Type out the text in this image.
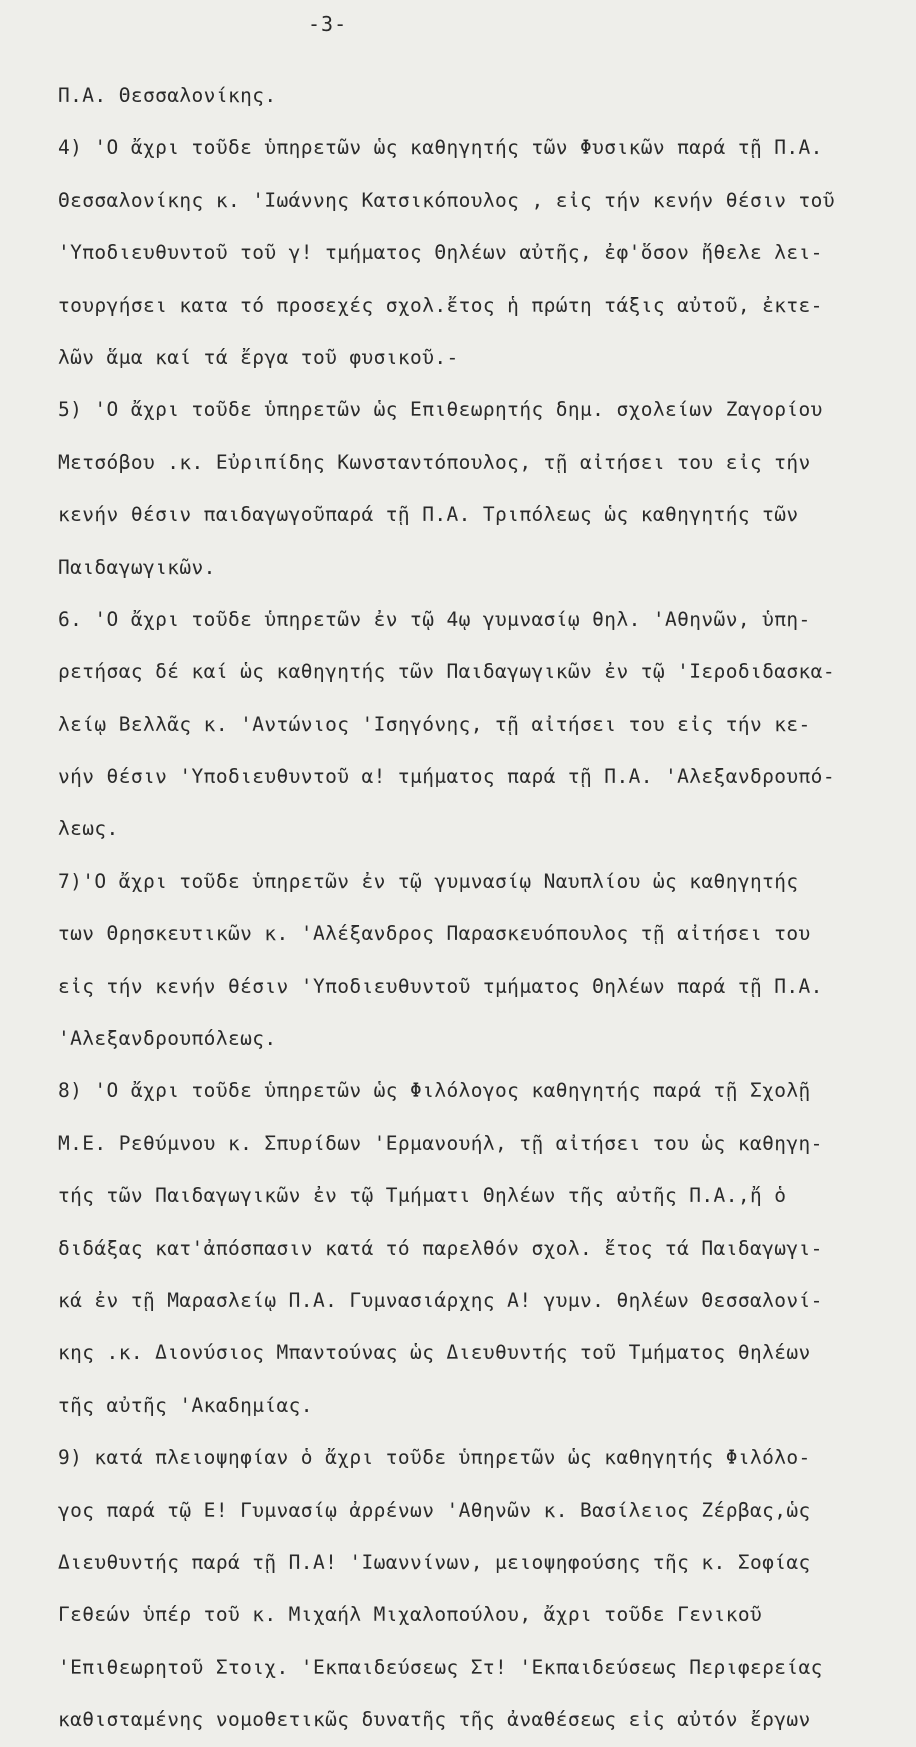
-3-
Π.Α. Θεσσαλονίκης.
4) 'Ο ἄχρι τοῦδε ὑπηρετῶν ὡς καθηγητής τῶν Φυσικῶν παρά τῇ Π.Α.
Θεσσαλονίκης κ. 'Ιωάννης Κατσικόπουλος , εἰς τήν κενήν θέσιν τοῦ
'Υποδιευθυντοῦ τοῦ γ! τμήματος Θηλέων αὐτῆς, ἐφ'ὅσον ἤθελε λει-
τουργήσει κατα τό προσεχές σχολ.ἔτος ἡ πρώτη τάξις αὐτοῦ, ἐκτε-
λῶν ἅμα καί τά ἔργα τοῦ φυσικοῦ.-
5) 'Ο ἄχρι τοῦδε ὑπηρετῶν ὡς Επιθεωρητής δημ. σχολείων Ζαγορίου
Μετσόβου .κ. Εὐριπίδης Κωνσταντόπουλος, τῇ αἰτήσει του εἰς τήν
κενήν θέσιν παιδαγωγοῦπαρά τῇ Π.Α. Τριπόλεως ὡς καθηγητής τῶν
Παιδαγωγικῶν.
6. 'Ο ἄχρι τοῦδε ὑπηρετῶν ἐν τῷ 4ῳ γυμνασίῳ θηλ. 'Αθηνῶν, ὑπη-
ρετήσας δέ καί ὡς καθηγητής τῶν Παιδαγωγικῶν ἐν τῷ 'Ιεροδιδασκα-
λείῳ Βελλᾶς κ. 'Αντώνιος 'Ισηγόνης, τῇ αἰτήσει του εἰς τήν κε-
νήν θέσιν 'Υποδιευθυντοῦ α! τμήματος παρά τῇ Π.Α. 'Αλεξανδρουπό-
λεως.
7)'Ο ἄχρι τοῦδε ὑπηρετῶν ἐν τῷ γυμνασίῳ Ναυπλίου ὡς καθηγητής
των Θρησκευτικῶν κ. 'Αλέξανδρος Παρασκευόπουλος τῇ αἰτήσει του
εἰς τήν κενήν θέσιν 'Υποδιευθυντοῦ τμήματος Θηλέων παρά τῇ Π.Α.
'Αλεξανδρουπόλεως.
8) 'Ο ἄχρι τοῦδε ὑπηρετῶν ὡς Φιλόλογος καθηγητής παρά τῇ Σχολῇ
Μ.Ε. Ρεθύμνου κ. Σπυρίδων 'Ερμανουήλ, τῇ αἰτήσει του ὡς καθηγη-
τής τῶν Παιδαγωγικῶν ἐν τῷ Τμήματι Θηλέων τῆς αὐτῆς Π.Α.,ἤ ὁ
διδάξας κατ'ἀπόσπασιν κατά τό παρελθόν σχολ. ἔτος τά Παιδαγωγι-
κά ἐν τῇ Μαρασλείῳ Π.Α. Γυμνασιάρχης Α! γυμν. θηλέων Θεσσαλονί-
κης .κ. Διονύσιος Μπαντούνας ὡς Διευθυντής τοῦ Τμήματος θηλέων
τῆς αὐτῆς 'Ακαδημίας.
9) κατά πλειοψηφίαν ὁ ἄχρι τοῦδε ὑπηρετῶν ὡς καθηγητής Φιλόλο-
γος παρά τῷ Ε! Γυμνασίῳ ἀρρένων 'Αθηνῶν κ. Βασίλειος Ζέρβας,ὡς
Διευθυντής παρά τῇ Π.Α! 'Ιωαννίνων, μειοψηφούσης τῆς κ. Σοφίας
Γεθεών ὑπέρ τοῦ κ. Μιχαήλ Μιχαλοπούλου, ἄχρι τοῦδε Γενικοῦ
'Επιθεωρητοῦ Στοιχ. 'Εκπαιδεύσεως Στ! 'Εκπαιδεύσεως Περιφερείας
καθισταμένης νομοθετικῶς δυνατῆς τῆς ἀναθέσεως εἰς αὐτόν ἔργων
